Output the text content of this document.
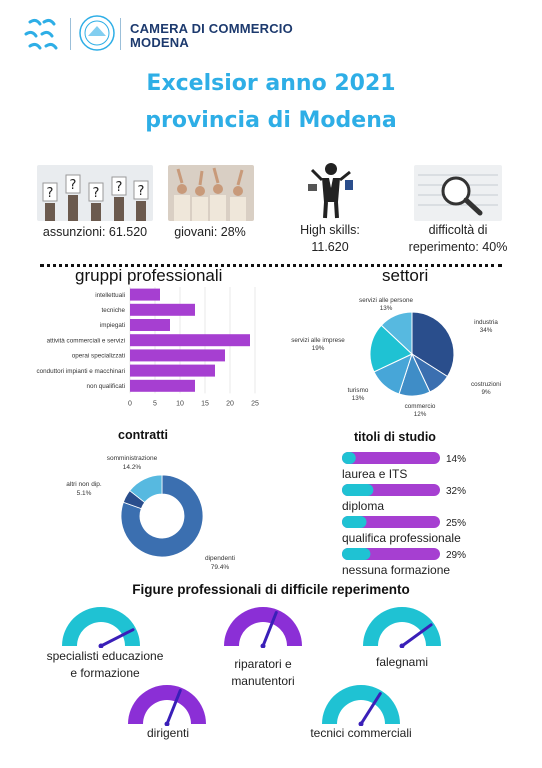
CAMERA DI COMMERCIO
MODENA
Excelsior anno 2021
provincia di Modena
?
?
? ? ?
assunzioni: 61.520	giovani: 28%	High skills:
11.620
difficoltà di
reperimento: 40%
gruppi professionali
0	5	10 15 20 25
intellettuali
tecniche
impiegati
attività commerciali e servizi
operai specializzati
conduttori impianti e macchinari
non qualificati
settori
industria
34%
costruzioni
9%
commercio
12%
turismo
13%
servizi alle imprese
19%
servizi alle persone
13%
contratti
dipendenti
79.4%
altri non dip.
5.1%
somministrazione
14.2%
titoli di studio
14%
laurea e ITS
32%
diploma
25%
qualifica professionale
29%
nessuna formazione
Figure professionali di difficile reperimento
specialisti educazione
e formazione
riparatori e
manutentori
falegnami
dirigenti	tecnici commerciali
